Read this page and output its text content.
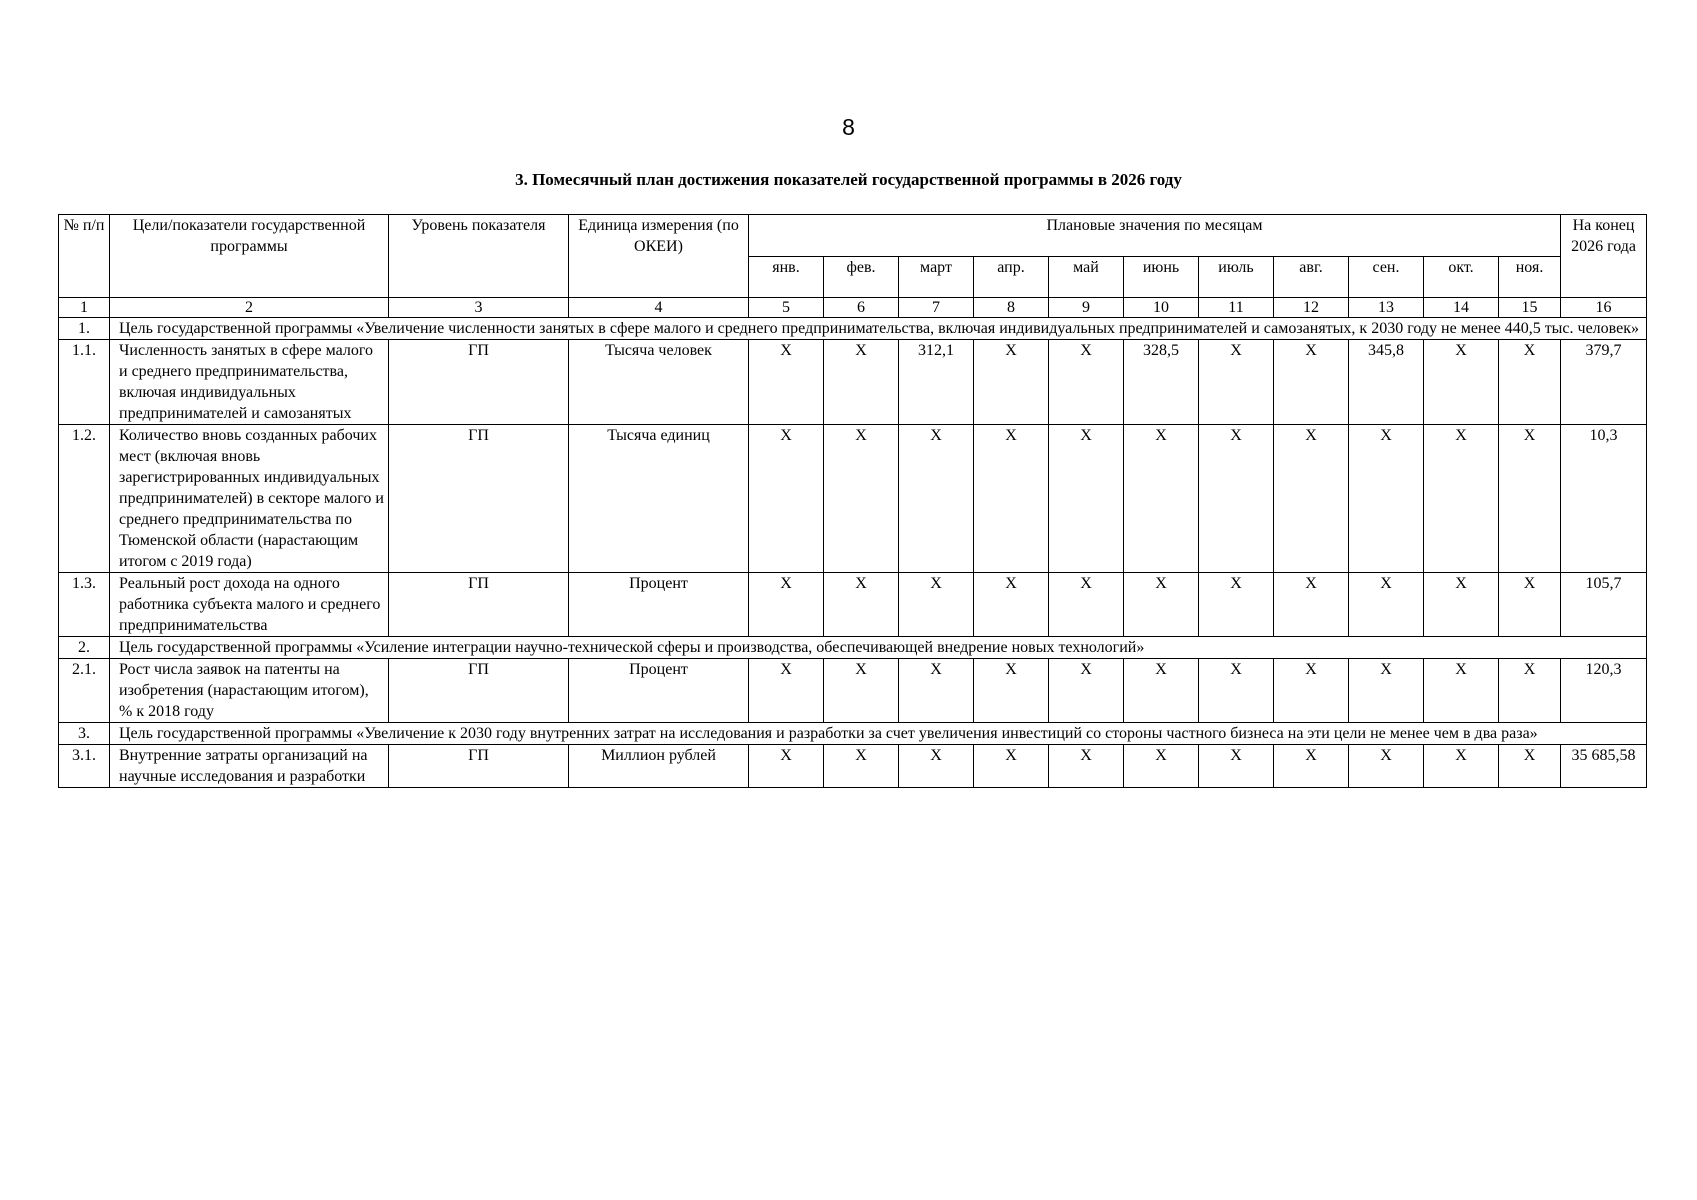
8
3. Помесячный план достижения показателей государственной программы в 2026 году
№ п/п	Цели/показатели государственной программы	Уровень показателя	Единица измерения (по ОКЕИ)	Плановые значения по месяцам											На конец 2026 года
				янв.	фев.	март	апр.	май	июнь	июль	авг.	сен.	окт.	ноя.	
1	2	3	4	5	6	7	8	9	10	11	12	13	14	15	16
1.	Цель государственной программы «Увеличение численности занятых в сфере малого и среднего предпринимательства, включая индивидуальных предпринимателей и самозанятых, к 2030 году не менее 440,5 тыс. человек»														
1.1.	Численность занятых в сфере малого и среднего предпринимательства, включая индивидуальных предпринимателей и самозанятых	ГП	Тысяча человек	X	X	312,1	X	X	328,5	X	X	345,8	X	X	379,7
1.2.	Количество вновь созданных рабочих мест (включая вновь зарегистрированных индивидуальных предпринимателей) в секторе малого и среднего предпринимательства по Тюменской области (нарастающим итогом с 2019 года)	ГП	Тысяча единиц	X	X	X	X	X	X	X	X	X	X	X	10,3
1.3.	Реальный рост дохода на одного работника субъекта малого и среднего предпринимательства	ГП	Процент	X	X	X	X	X	X	X	X	X	X	X	105,7
2.	Цель государственной программы «Усиление интеграции научно-технической сферы и производства, обеспечивающей внедрение новых технологий»														
2.1.	Рост числа заявок на патенты на изобретения (нарастающим итогом), % к 2018 году	ГП	Процент	X	X	X	X	X	X	X	X	X	X	X	120,3
3.	Цель государственной программы «Увеличение к 2030 году внутренних затрат на исследования и разработки за счет увеличения инвестиций со стороны частного бизнеса на эти цели не менее чем в два раза»														
3.1.	Внутренние затраты организаций на научные исследования и разработки	ГП	Миллион рублей	X	X	X	X	X	X	X	X	X	X	X	35 685,58
